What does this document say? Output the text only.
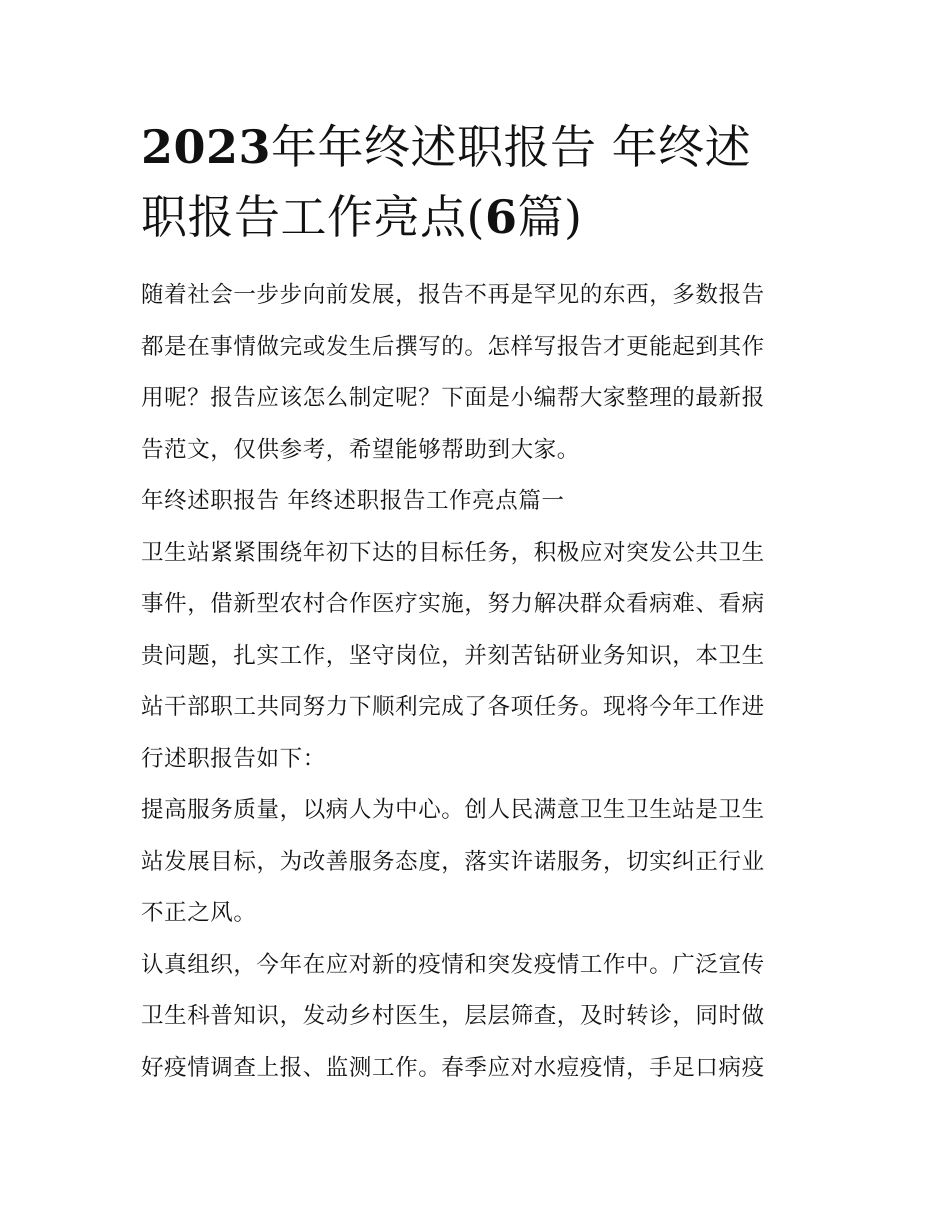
2023年年终述职报告 年终述
职报告工作亮点(6篇)
随着社会一步步向前发展，报告不再是罕见的东西，多数报告
都是在事情做完或发生后撰写的。怎样写报告才更能起到其作
用呢？报告应该怎么制定呢？下面是小编帮大家整理的最新报
告范文，仅供参考，希望能够帮助到大家。
年终述职报告 年终述职报告工作亮点篇一
卫生站紧紧围绕年初下达的目标任务，积极应对突发公共卫生
事件，借新型农村合作医疗实施，努力解决群众看病难、看病
贵问题，扎实工作，坚守岗位，并刻苦钻研业务知识，本卫生
站干部职工共同努力下顺利完成了各项任务。现将今年工作进
行述职报告如下：
提高服务质量，以病人为中心。创人民满意卫生卫生站是卫生
站发展目标，为改善服务态度，落实许诺服务，切实纠正行业
不正之风。
认真组织，今年在应对新的疫情和突发疫情工作中。广泛宣传
卫生科普知识，发动乡村医生，层层筛查，及时转诊，同时做
好疫情调查上报、监测工作。春季应对水痘疫情，手足口病疫
